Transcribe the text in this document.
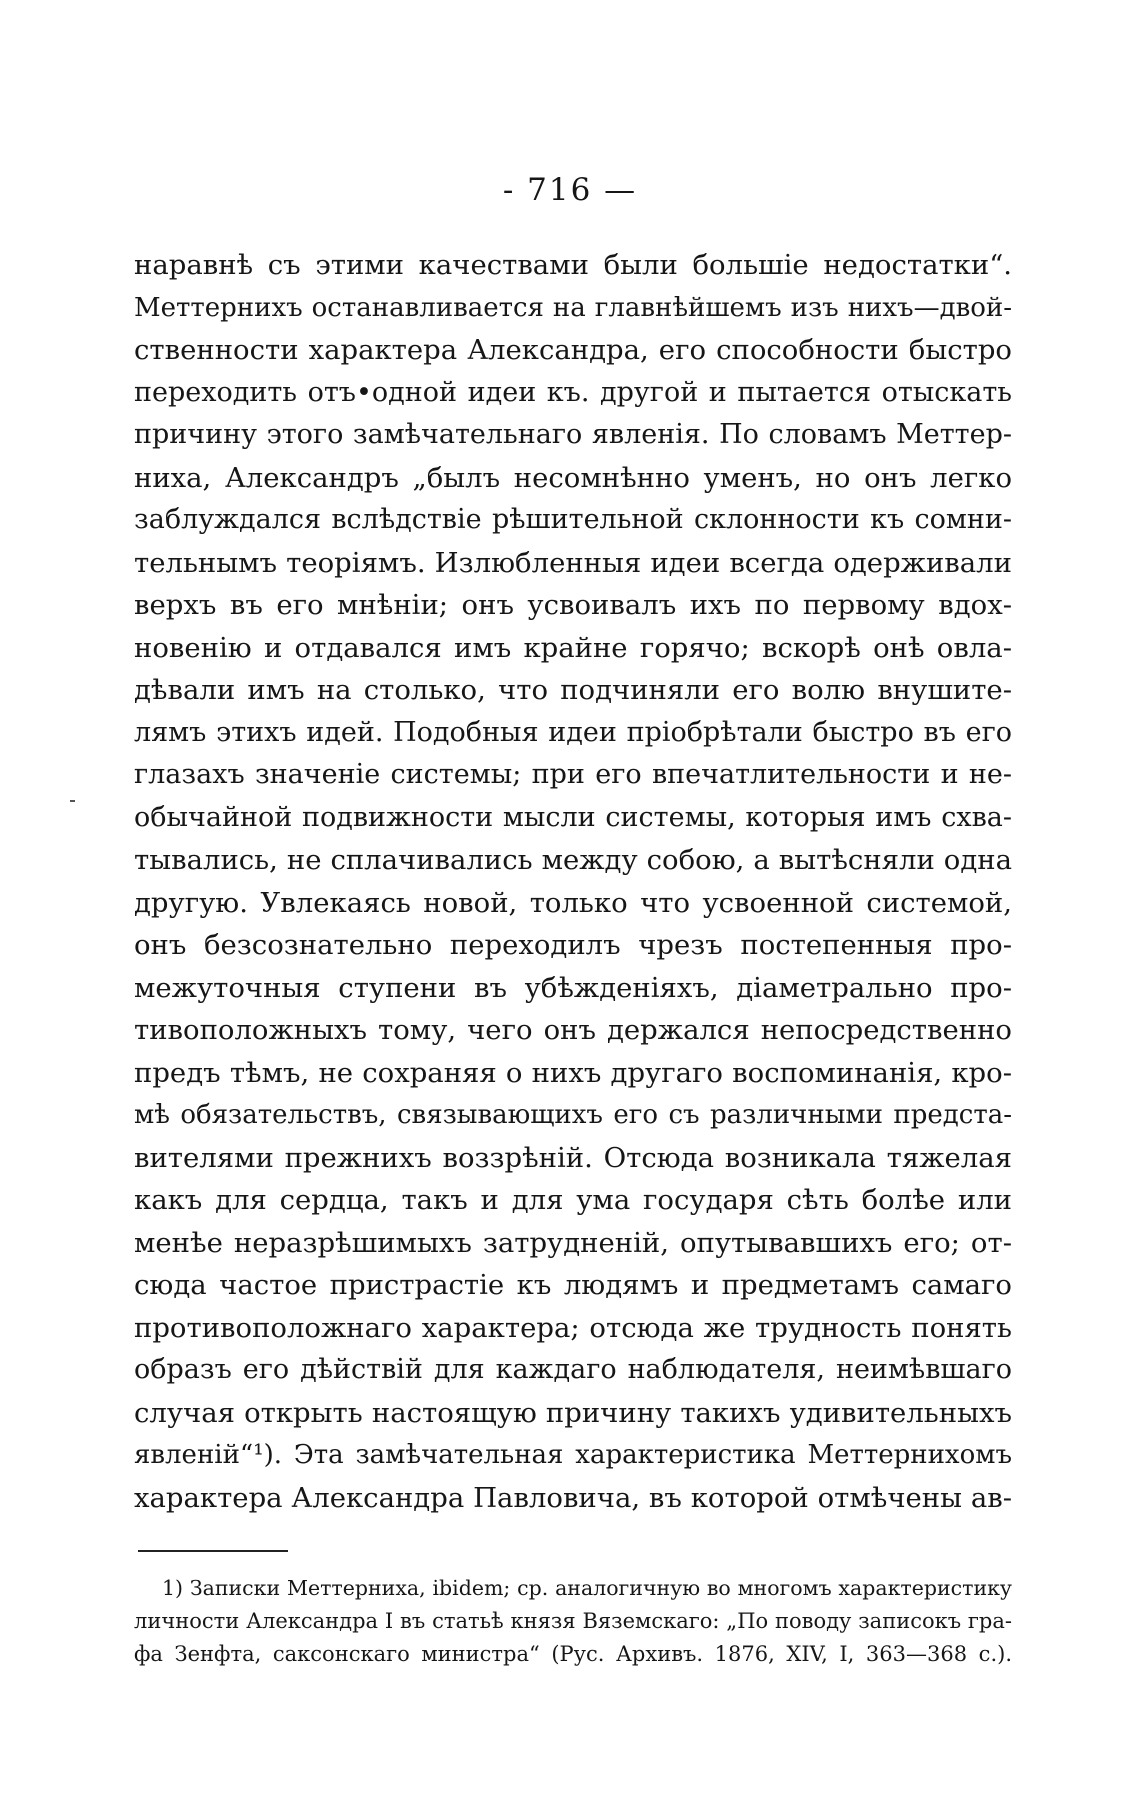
- 716 —
наравнѣ съ этими качествами были большіе недостатки“.
Меттернихъ останавливается на главнѣйшемъ изъ нихъ—двой-
ственности характера Александра, его способности быстро
переходить отъ•одной идеи къ. другой и пытается отыскать
причину этого замѣчательнаго явленія. По словамъ Меттер-
ниха, Александръ „былъ несомнѣнно уменъ, но онъ легко
заблуждался вслѣдствіе рѣшительной склонности къ сомни-
тельнымъ теоріямъ. Излюбленныя идеи всегда одерживали
верхъ въ его мнѣніи; онъ усвоивалъ ихъ по первому вдох-
новенію и отдавался имъ крайне горячо; вскорѣ онѣ овла-
дѣвали имъ на столько, что подчиняли его волю внушите-
лямъ этихъ идей. Подобныя идеи пріобрѣтали быстро въ его
глазахъ значеніе системы; при его впечатлительности и не-
обычайной подвижности мысли системы, которыя имъ схва-
тывались, не сплачивались между собою, а вытѣсняли одна
другую. Увлекаясь новой, только что усвоенной системой,
онъ безсознательно переходилъ чрезъ постепенныя про-
межуточныя ступени въ убѣжденіяхъ, діаметрально про-
тивоположныхъ тому, чего онъ держался непосредственно
предъ тѣмъ, не сохраняя о нихъ другаго воспоминанія, кро-
мѣ обязательствъ, связывающихъ его съ различными предста-
вителями прежнихъ воззрѣній. Отсюда возникала тяжелая
какъ для сердца, такъ и для ума государя сѣть болѣе или
менѣе неразрѣшимыхъ затрудненій, опутывавшихъ его; от-
сюда частое пристрастіе къ людямъ и предметамъ самаго
противоположнаго характера; отсюда же трудность понять
образъ его дѣйствій для каждаго наблюдателя, неимѣвшаго
случая открыть настоящую причину такихъ удивительныхъ
явленій“¹). Эта замѣчательная характеристика Меттернихомъ
характера Александра Павловича, въ которой отмѣчены ав-
1) Записки Меттерниха, ibidem; ср. аналогичную во многомъ характеристику
личности Александра I въ статьѣ князя Вяземскаго: „По поводу записокъ гра-
фа Зенфта, саксонскаго министра“ (Рус. Архивъ. 1876, XIV, I, 363—368 с.).
